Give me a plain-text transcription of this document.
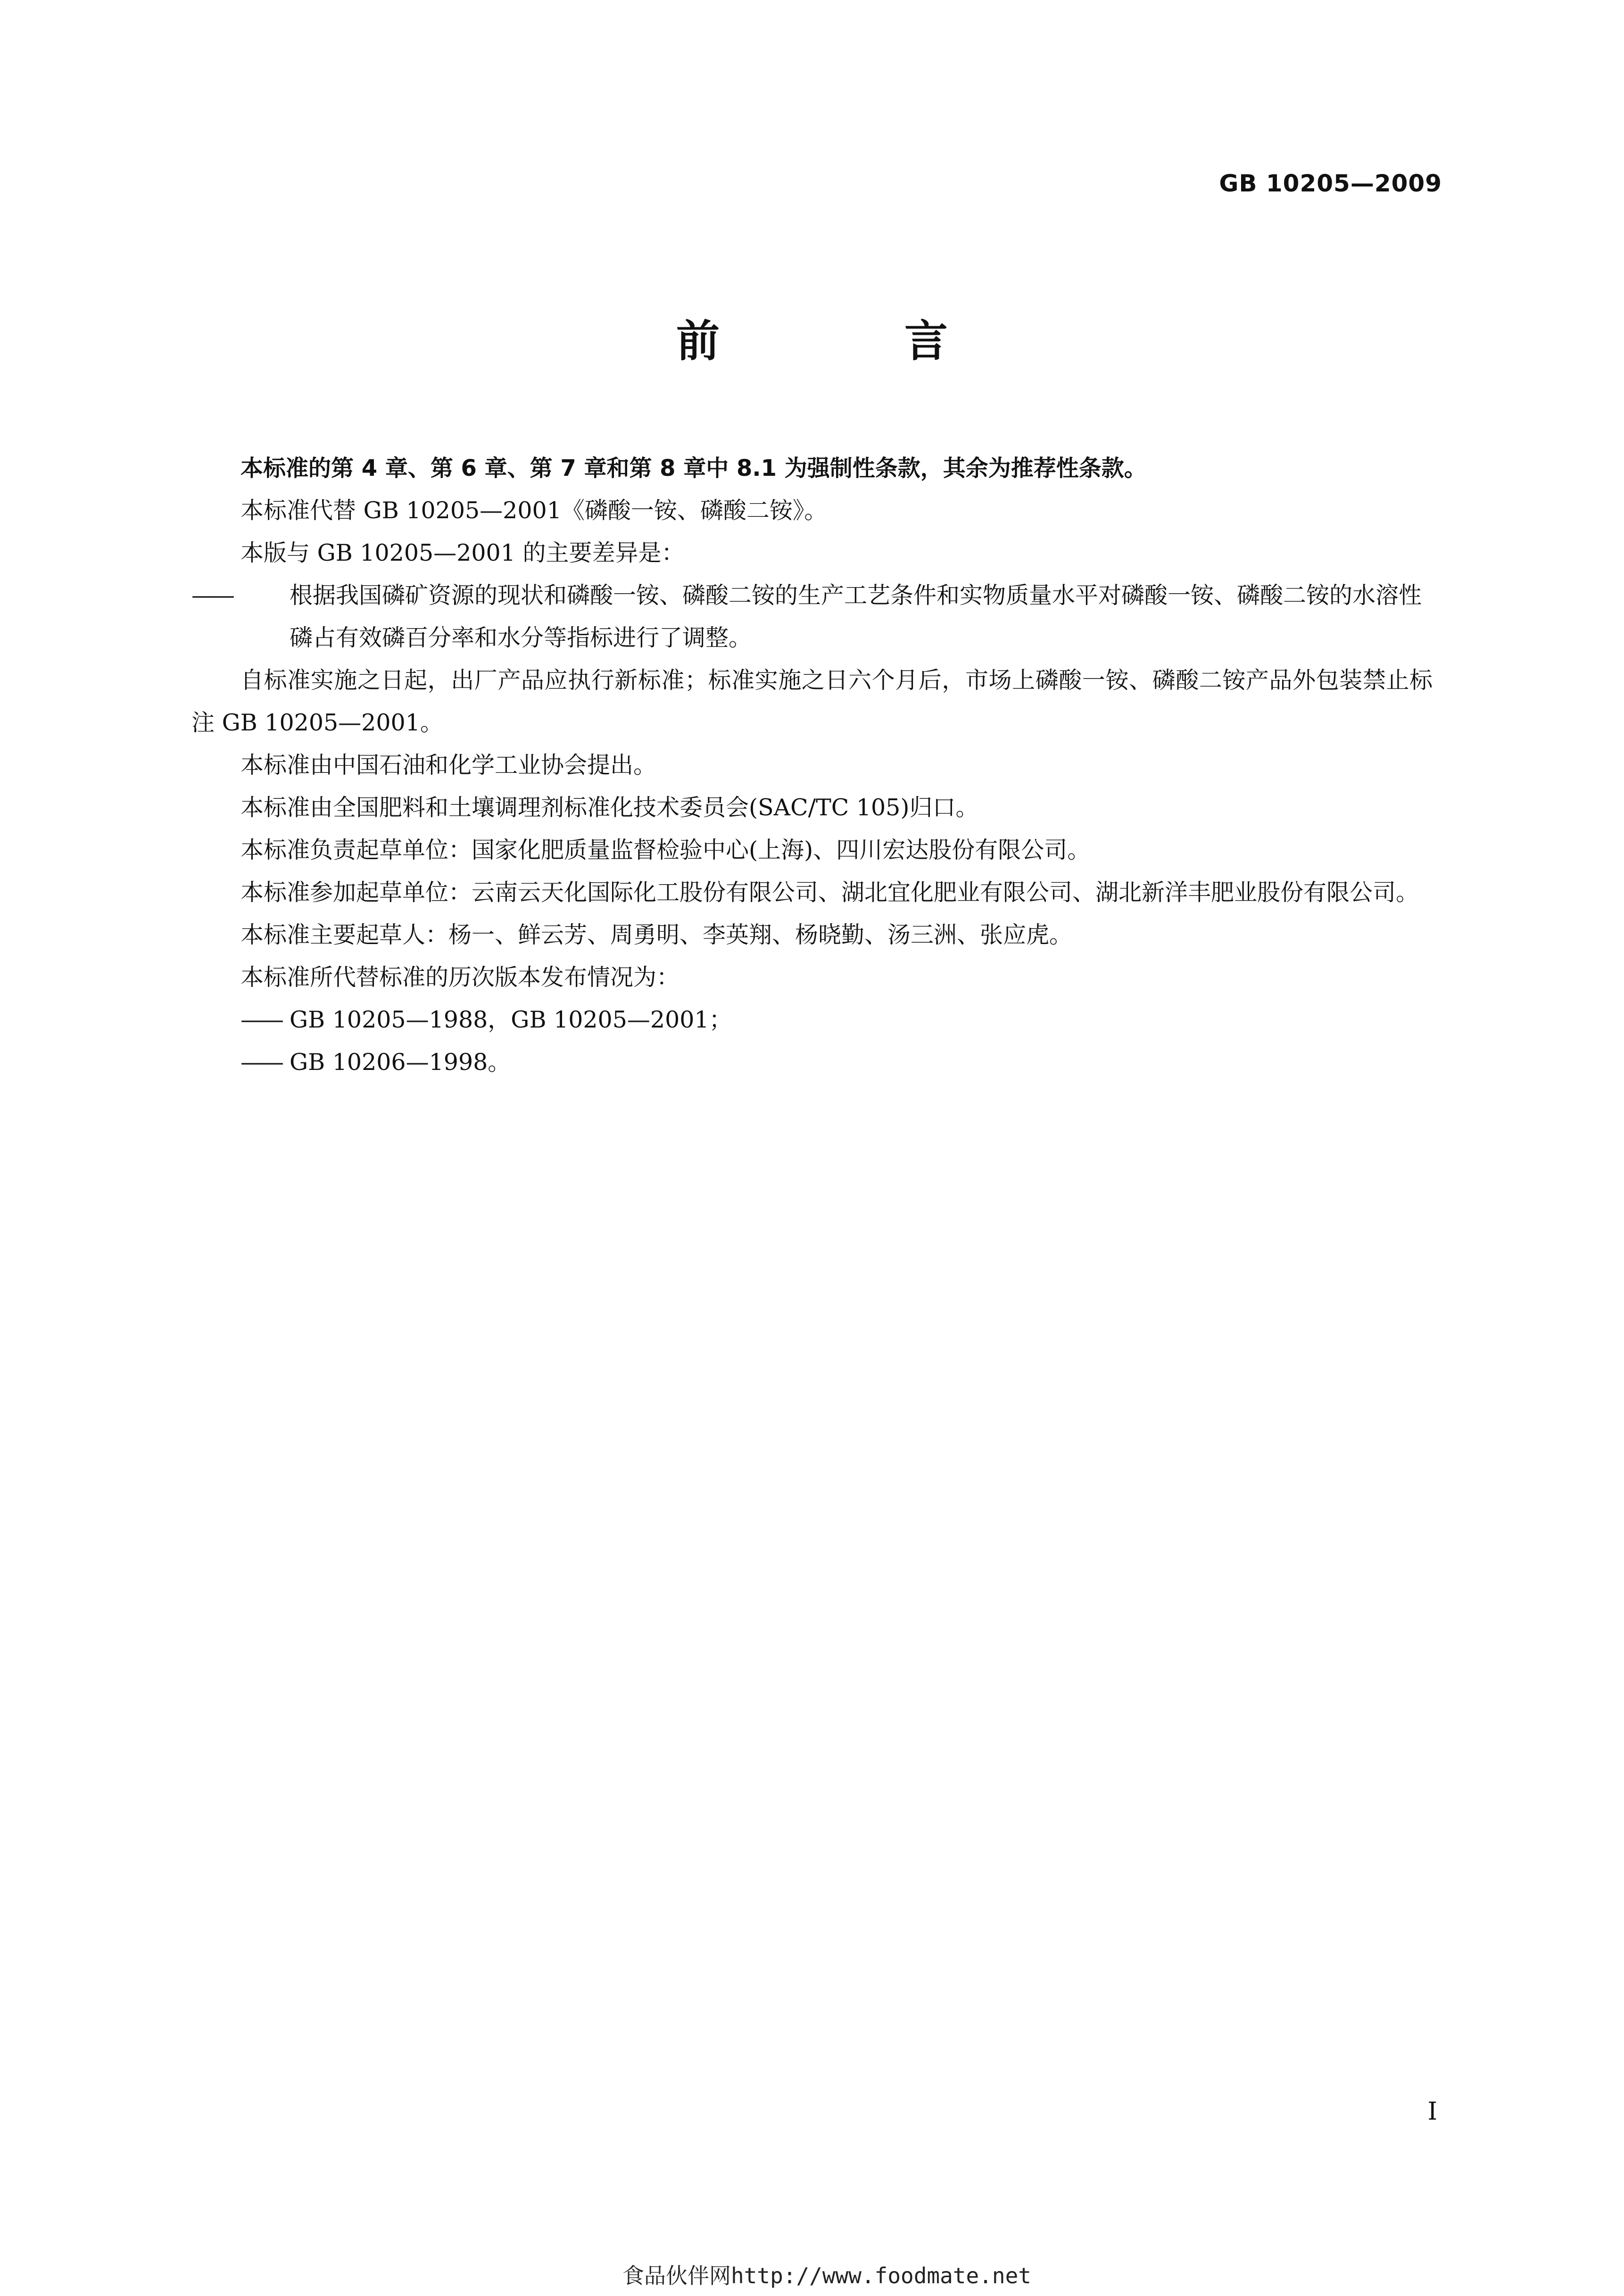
GB 10205—2009
前　言

本标准的第 4 章、第 6 章、第 7 章和第 8 章中 8.1 为强制性条款，其余为推荐性条款。

本标准代替 GB 10205—2001《磷酸一铵、磷酸二铵》。

本版与 GB 10205—2001 的主要差异是：

—— 根据我国磷矿资源的现状和磷酸一铵、磷酸二铵的生产工艺条件和实物质量水平对磷酸一铵、磷酸二铵的水溶性磷占有效磷百分率和水分等指标进行了调整。

自标准实施之日起，出厂产品应执行新标准；标准实施之日六个月后，市场上磷酸一铵、磷酸二铵产品外包装禁止标注 GB 10205—2001。

本标准由中国石油和化学工业协会提出。

本标准由全国肥料和土壤调理剂标准化技术委员会(SAC/TC 105)归口。

本标准负责起草单位：国家化肥质量监督检验中心(上海)、四川宏达股份有限公司。

本标准参加起草单位：云南云天化国际化工股份有限公司、湖北宜化肥业有限公司、湖北新洋丰肥业股份有限公司。

本标准主要起草人：杨一、鲜云芳、周勇明、李英翔、杨晓勤、汤三洲、张应虎。

本标准所代替标准的历次版本发布情况为：

—— GB 10205—1988，GB 10205—2001；

—— GB 10206—1998。

I
食品伙伴网http://www.foodmate.net
